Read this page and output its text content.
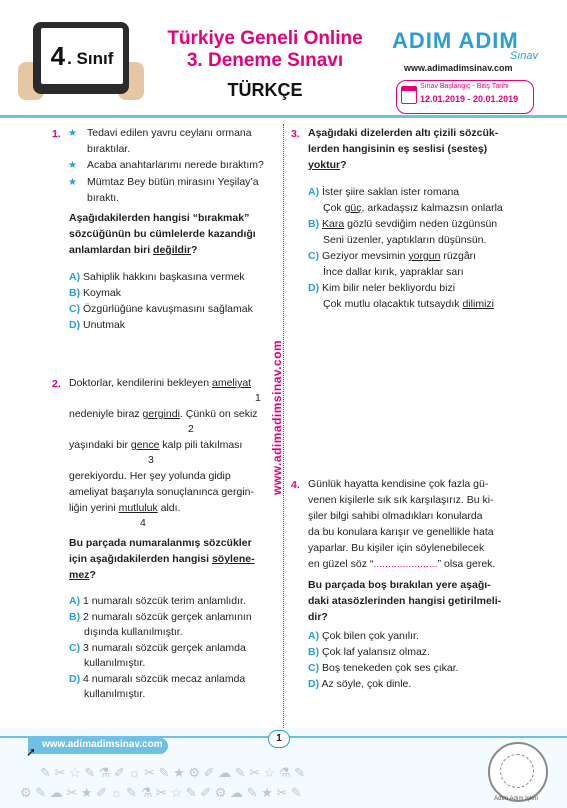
4 . Sınıf
Türkiye Geneli Online
3. Deneme Sınavı
TÜRKÇE
ADIM ADIM
Sınav
www.adimadimsinav.com
Sınav Başlangıç - Bitiş Tarihi
12.01.2019 - 20.01.2019
www.adimadimsinav.com
1. ★ Tedavi edilen yavru ceylanı ormana
bıraktılar.
★ Acaba anahtarlarımı nerede bıraktım?
★ Mümtaz Bey bütün mirasını Yeşilay’a
bıraktı.
Aşağıdakilerden hangisi “bırakmak”
sözcüğünün bu cümlelerde kazandığı
anlamlardan biri değildir?
A) Sahiplik hakkını başkasına vermek
B) Koymak
C) Özgürlüğüne kavuşmasını sağlamak
D) Unutmak
2. Doktorlar, kendilerini bekleyen ameliyat
1
nedeniyle biraz gergindi. Çünkü on sekiz
2
yaşındaki bir gence kalp pili takılması
3
gerekiyordu. Her şey yolunda gidip
ameliyat başarıyla sonuçlanınca gergin-
liğin yerini mutluluk aldı.
4
Bu parçada numaralanmış sözcükler
için aşağıdakilerden hangisi söylene-
mez?
A) 1 numaralı sözcük terim anlamlıdır.
B) 2 numaralı sözcük gerçek anlamının
dışında kullanılmıştır.
C) 3 numaralı sözcük gerçek anlamda
kullanılmıştır.
D) 4 numaralı sözcük mecaz anlamda
kullanılmıştır.
3. Aşağıdaki dizelerden altı çizili sözcük-
lerden hangisinin eş seslisi (sesteş)
yoktur?
A) İster şiire saklan ister romana
Çok güç, arkadaşsız kalmazsın onlarla
B) Kara gözlü sevdiğim neden üzgünsün
Seni üzenler, yaptıkların düşünsün.
C) Geziyor mevsimin yorgun rüzgârı
İnce dallar kırık, yapraklar sarı
D) Kim bilir neler bekliyordu bizi
Çok mutlu olacaktık tutsaydık dilimizi
4. Günlük hayatta kendisine çok fazla gü-
venen kişilerle sık sık karşılaşırız. Bu ki-
şiler bilgi sahibi olmadıkları konularda
da bu konulara karışır ve genellikle hata
yaparlar. Bu kişiler için söylenebilecek
en güzel söz “......................” olsa gerek.
Bu parçada boş bırakılan yere aşağı-
daki atasözlerinden hangisi getirilmeli-
dir?
A) Çok bilen çok yanılır.
B) Çok laf yalansız olmaz.
C) Boş tenekeden çok ses çıkar.
D) Az söyle, çok dinle.
www.adimadimsinav.com
➚
1
✎ ✂ ☆ ✎ ⚗ ✐ ☼ ✂ ✎ ★ ⚙ ✐ ☁ ✎ ✂ ☆ ⚗ ✎
⚙ ✎ ☁ ✂ ★ ✐ ☼ ✎ ⚗ ✂ ☆ ✎ ✐ ⚙ ☁ ✎ ★ ✂ ✎	Adım Adım İşleri
